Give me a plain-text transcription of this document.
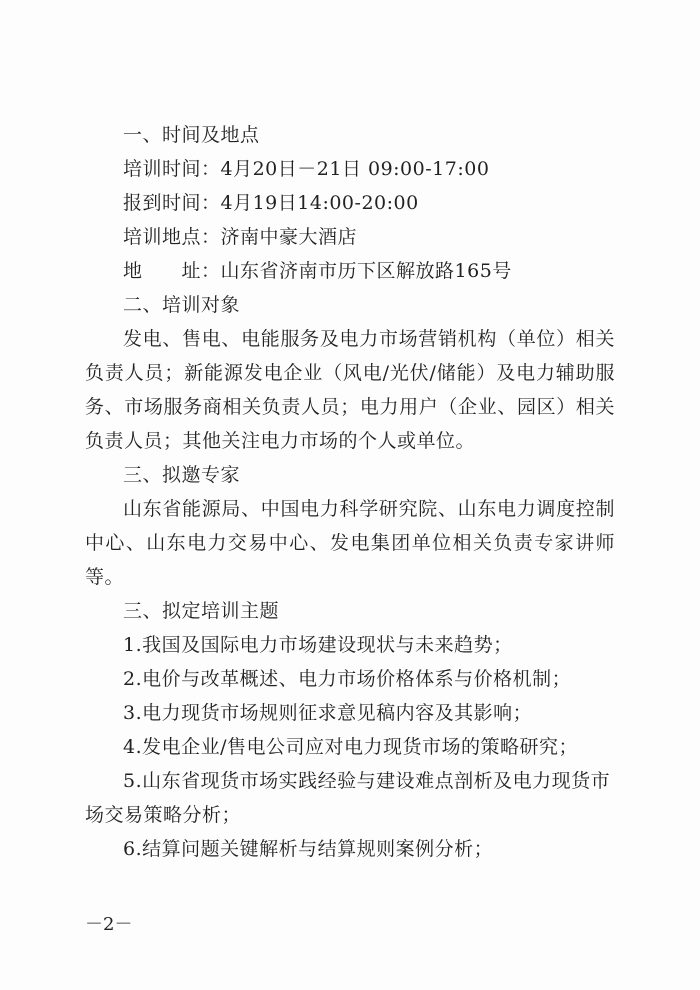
一、时间及地点
培训时间：4月20日－21日 09:00-17:00
报到时间：4月19日14:00-20:00
培训地点：济南中豪大酒店
地　　址：山东省济南市历下区解放路165号
二、培训对象
发电、售电、电能服务及电力市场营销机构（单位）相关负责人员；新能源发电企业（风电/光伏/储能）及电力辅助服务、市场服务商相关负责人员；电力用户（企业、园区）相关负责人员；其他关注电力市场的个人或单位。
三、拟邀专家
山东省能源局、中国电力科学研究院、山东电力调度控制中心、山东电力交易中心、发电集团单位相关负责专家讲师等。
三、拟定培训主题
1.我国及国际电力市场建设现状与未来趋势；
2.电价与改革概述、电力市场价格体系与价格机制；
3.电力现货市场规则征求意见稿内容及其影响；
4.发电企业/售电公司应对电力现货市场的策略研究；
5.山东省现货市场实践经验与建设难点剖析及电力现货市场交易策略分析；
6.结算问题关键解析与结算规则案例分析；
－2－
